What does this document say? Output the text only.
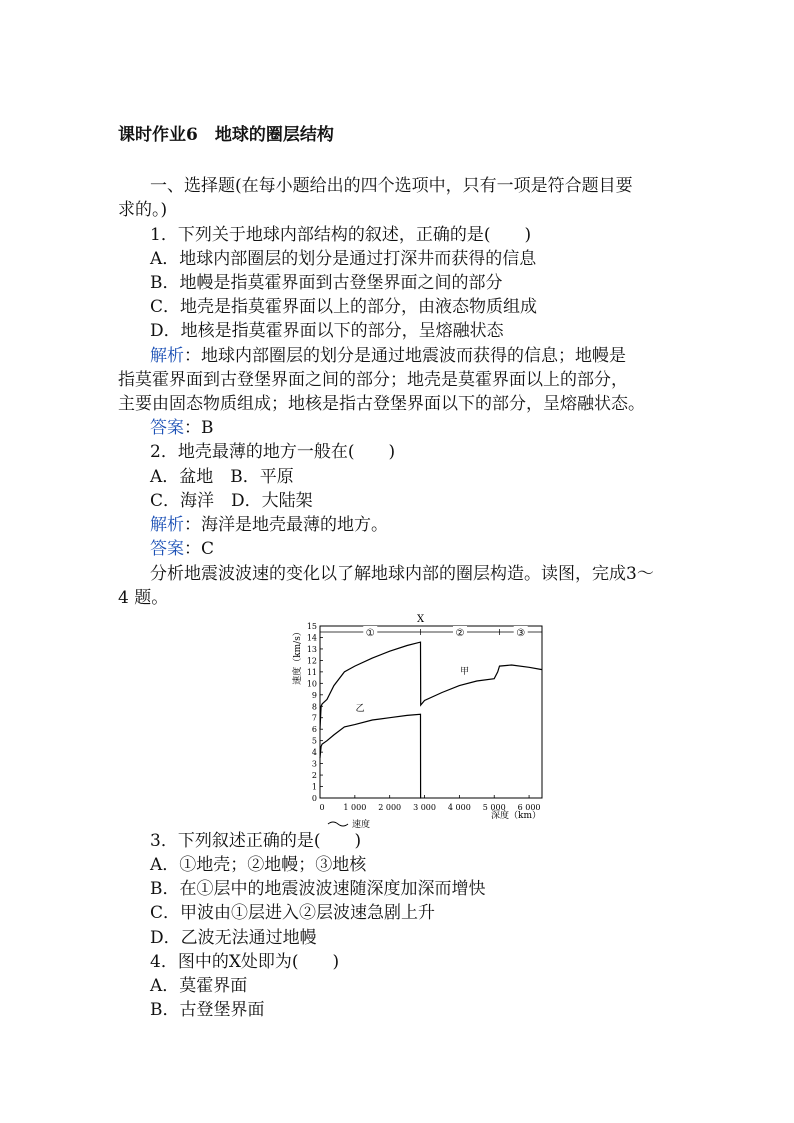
课时作业6　地球的圈层结构
一、选择题(在每小题给出的四个选项中，只有一项是符合题目要
求的。)
1．下列关于地球内部结构的叙述，正确的是(　　)
A．地球内部圈层的划分是通过打深井而获得的信息
B．地幔是指莫霍界面到古登堡界面之间的部分
C．地壳是指莫霍界面以上的部分，由液态物质组成
D．地核是指莫霍界面以下的部分，呈熔融状态
解析：地球内部圈层的划分是通过地震波而获得的信息；地幔是
指莫霍界面到古登堡界面之间的部分；地壳是莫霍界面以上的部分，
主要由固态物质组成；地核是指古登堡界面以下的部分，呈熔融状态。
答案：B
2．地壳最薄的地方一般在(　　)
A．盆地　B．平原
C．海洋　D．大陆架
解析：海洋是地壳最薄的地方。
答案：C
分析地震波波速的变化以了解地球内部的圈层构造。读图，完成3～
4 题。
0
1
2
3
4
5
6
7
8
9
10
11
12
13
14
15
0 1 000 2 000 3 000 4 000 5 000 6 000
①	②	③
X
甲
乙
速度（km/s）
深度（km）
速度
3．下列叙述正确的是(　　)
A．①地壳；②地幔；③地核
B．在①层中的地震波波速随深度加深而增快
C．甲波由①层进入②层波速急剧上升
D．乙波无法通过地幔
4．图中的X处即为(　　)
A．莫霍界面
B．古登堡界面
